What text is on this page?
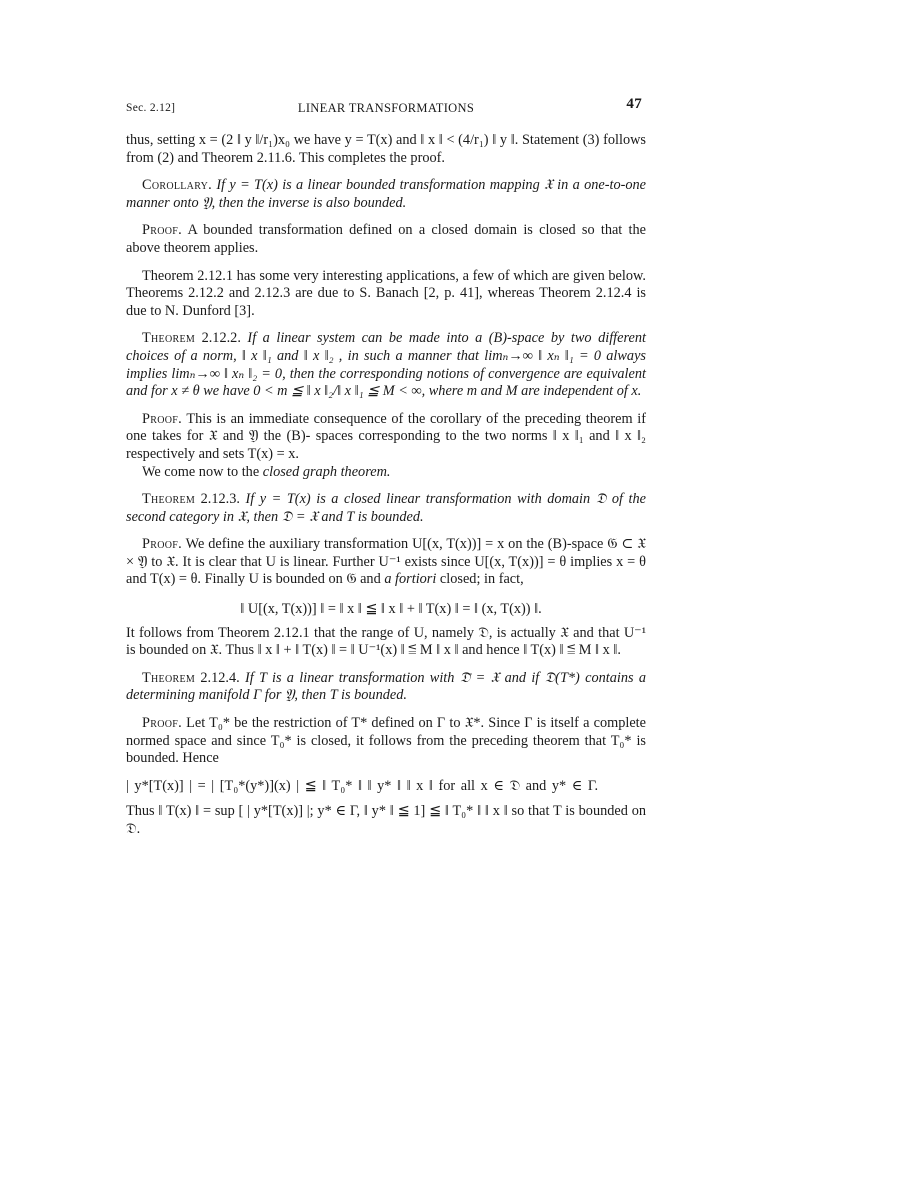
Sec. 2.12]	LINEAR TRANSFORMATIONS	47

thus, setting x = (2 ‖ y ‖/r₁)x₀ we have y = T(x) and ‖ x ‖ < (4/r₁) ‖ y ‖. Statement (3) follows from (2) and Theorem 2.11.6. This completes the proof.

Corollary. If y = T(x) is a linear bounded transformation mapping 𝔛 in a one-to-one manner onto 𝔜, then the inverse is also bounded.

Proof. A bounded transformation defined on a closed domain is closed so that the above theorem applies.

Theorem 2.12.1 has some very interesting applications, a few of which are given below. Theorems 2.12.2 and 2.12.3 are due to S. Banach [2, p. 41], whereas Theorem 2.12.4 is due to N. Dunford [3].

Theorem 2.12.2. If a linear system can be made into a (B)-space by two different choices of a norm, ‖ x ‖₁ and ‖ x ‖₂ , in such a manner that limₙ→∞ ‖ xₙ ‖₁ = 0 always implies limₙ→∞ ‖ xₙ ‖₂ = 0, then the corresponding notions of convergence are equivalent and for x ≠ θ we have 0 < m ≦ ‖ x ‖₂/‖ x ‖₁ ≦ M < ∞, where m and M are independent of x.

Proof. This is an immediate consequence of the corollary of the preceding theorem if one takes for 𝔛 and 𝔜 the (B)- spaces corresponding to the two norms ‖ x ‖₁ and ‖ x ‖₂ respectively and sets T(x) = x.

We come now to the closed graph theorem.

Theorem 2.12.3. If y = T(x) is a closed linear transformation with domain 𝔇 of the second category in 𝔛, then 𝔇 = 𝔛 and T is bounded.

Proof. We define the auxiliary transformation U[(x, T(x))] = x on the (B)-space 𝔊 ⊂ 𝔛 × 𝔜 to 𝔛. It is clear that U is linear. Further U⁻¹ exists since U[(x, T(x))] = θ implies x = θ and T(x) = θ. Finally U is bounded on 𝔊 and a fortiori closed; in fact,

‖ U[(x, T(x))] ‖ = ‖ x ‖ ≦ ‖ x ‖ + ‖ T(x) ‖ = ‖ (x, T(x)) ‖.

It follows from Theorem 2.12.1 that the range of U, namely 𝔇, is actually 𝔛 and that U⁻¹ is bounded on 𝔛. Thus ‖ x ‖ + ‖ T(x) ‖ = ‖ U⁻¹(x) ‖ ≦ M ‖ x ‖ and hence ‖ T(x) ‖ ≦ M ‖ x ‖.

Theorem 2.12.4. If T is a linear transformation with 𝔇̄ = 𝔛 and if 𝔇(T*) contains a determining manifold Γ for 𝔜, then T is bounded.

Proof. Let T₀* be the restriction of T* defined on Γ to 𝔛*. Since Γ is itself a complete normed space and since T₀* is closed, it follows from the preceding theorem that T₀* is bounded. Hence

| y*[T(x)] | = | [T₀*(y*)](x) | ≦ ‖ T₀* ‖ ‖ y* ‖ ‖ x ‖ for all x ∈ 𝔇 and y* ∈ Γ.

Thus ‖ T(x) ‖ = sup [ | y*[T(x)] |; y* ∈ Γ, ‖ y* ‖ ≦ 1] ≦ ‖ T₀* ‖ ‖ x ‖ so that T is bounded on 𝔇.
